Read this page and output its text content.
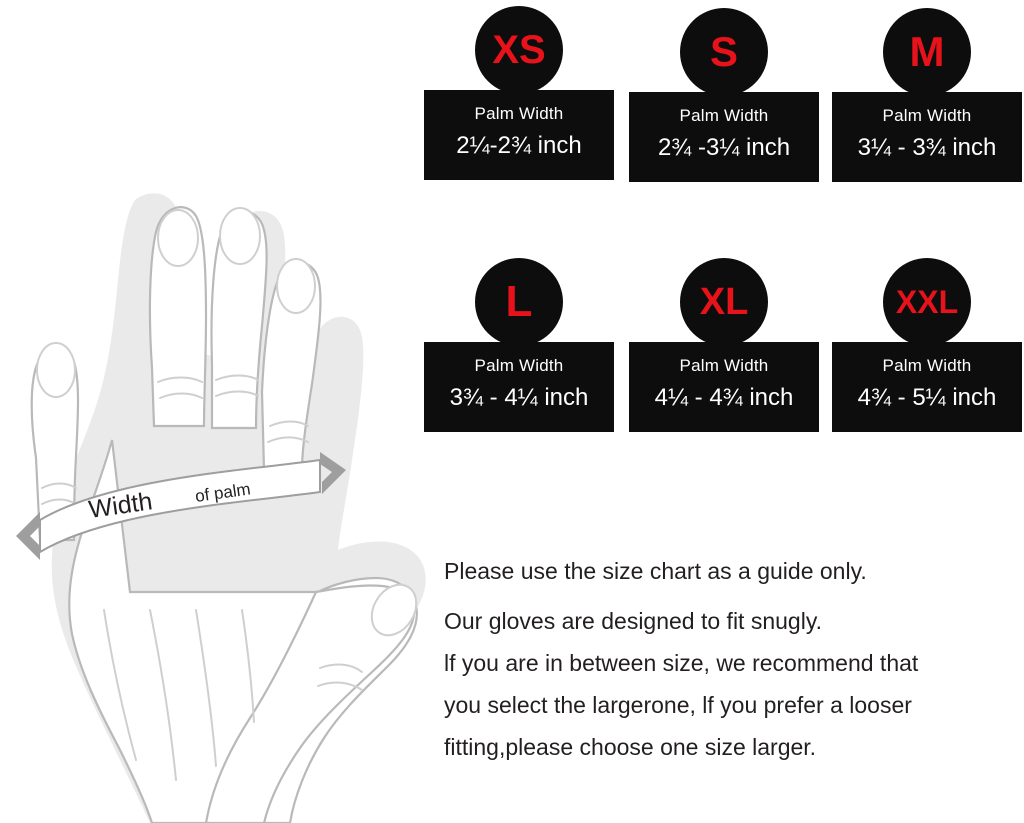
Width of palm
XS
Palm Width
2¼-2¾ inch
S
Palm Width
2¾ -3¼ inch
M
Palm Width
3¼ - 3¾ inch
L
Palm Width
3¾ - 4¼ inch
XL
Palm Width
4¼ - 4¾ inch
XXL
Palm Width
4¾ - 5¼ inch

Please use the size chart as a guide only.

Our gloves are designed to fit snugly.

lf you are in between size, we recommend that

you select the largerone, lf you prefer a looser

fitting,please choose one size larger.
